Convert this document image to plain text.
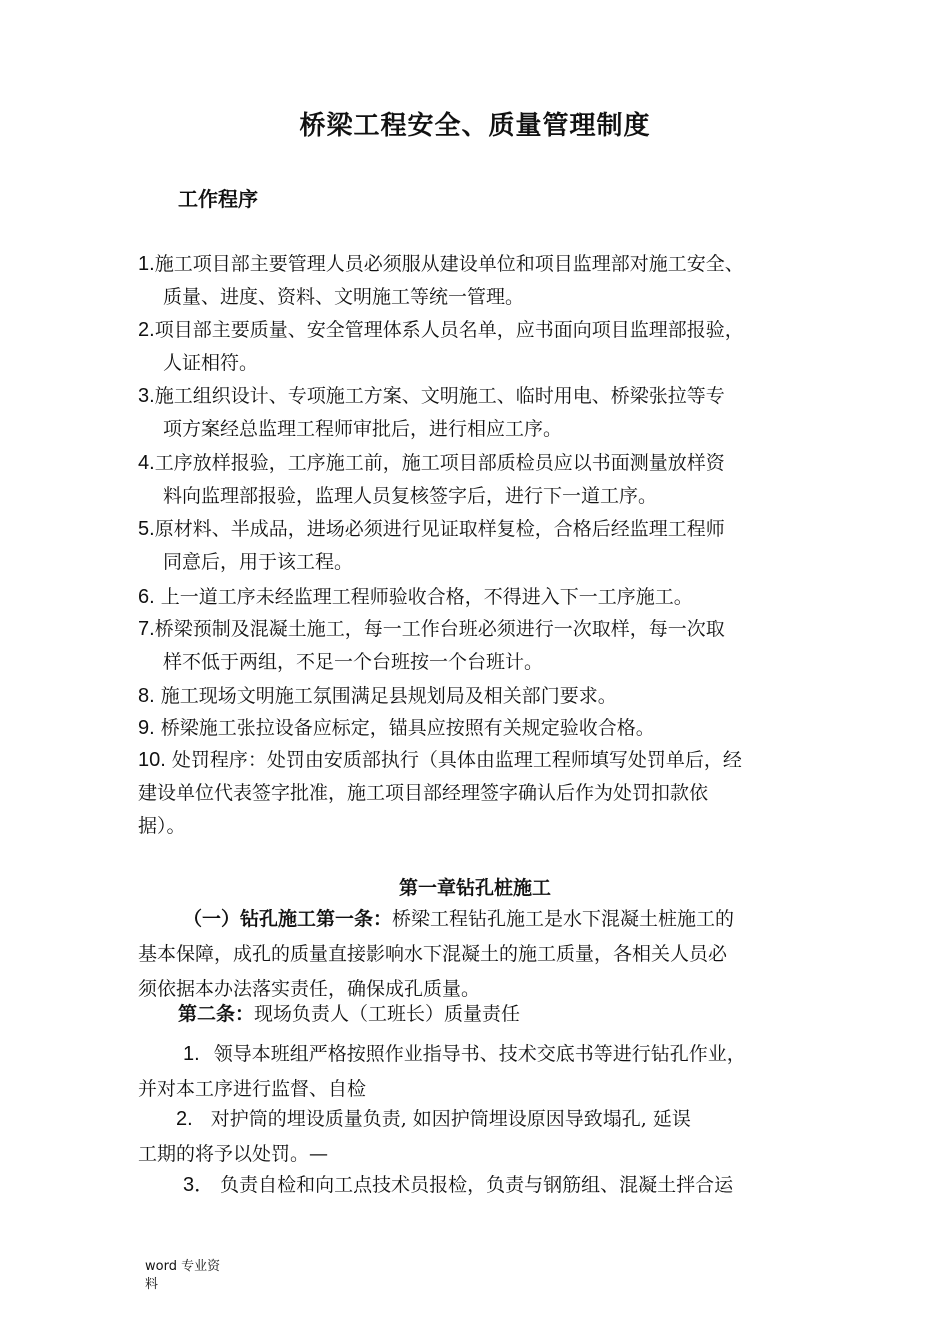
桥梁工程安全、质量管理制度
工作程序
1.施工项目部主要管理人员必须服从建设单位和项目监理部对施工安全、
质量、进度、资料、文明施工等统一管理。
2.项目部主要质量、安全管理体系人员名单，应书面向项目监理部报验，
人证相符。
3.施工组织设计、专项施工方案、文明施工、临时用电、桥梁张拉等专
项方案经总监理工程师审批后，进行相应工序。
4.工序放样报验，工序施工前，施工项目部质检员应以书面测量放样资
料向监理部报验，监理人员复核签字后，进行下一道工序。
5.原材料、半成品，进场必须进行见证取样复检，合格后经监理工程师
同意后，用于该工程。
6. 上一道工序未经监理工程师验收合格，不得进入下一工序施工。
7.桥梁预制及混凝土施工，每一工作台班必须进行一次取样，每一次取
样不低于两组，不足一个台班按一个台班计。
8. 施工现场文明施工氛围满足县规划局及相关部门要求。
9. 桥梁施工张拉设备应标定，锚具应按照有关规定验收合格。
10. 处罚程序：处罚由安质部执行（具体由监理工程师填写处罚单后，经
建设单位代表签字批准，施工项目部经理签字确认后作为处罚扣款依
据）。
第一章钻孔桩施工
（一）钻孔施工第一条：桥梁工程钻孔施工是水下混凝土桩施工的
基本保障，成孔的质量直接影响水下混凝土的施工质量，各相关人员必
须依据本办法落实责任，确保成孔质量。
第二条：现场负责人（工班长）质量责任
1. 领导本班组严格按照作业指导书、技术交底书等进行钻孔作业，
并对本工序进行监督、自检
2. 对护筒的埋设质量负责, 如因护筒埋设原因导致塌孔, 延误
工期的将予以处罚。—
3． 负责自检和向工点技术员报检，负责与钢筋组、混凝土拌合运
word 专业资
料
